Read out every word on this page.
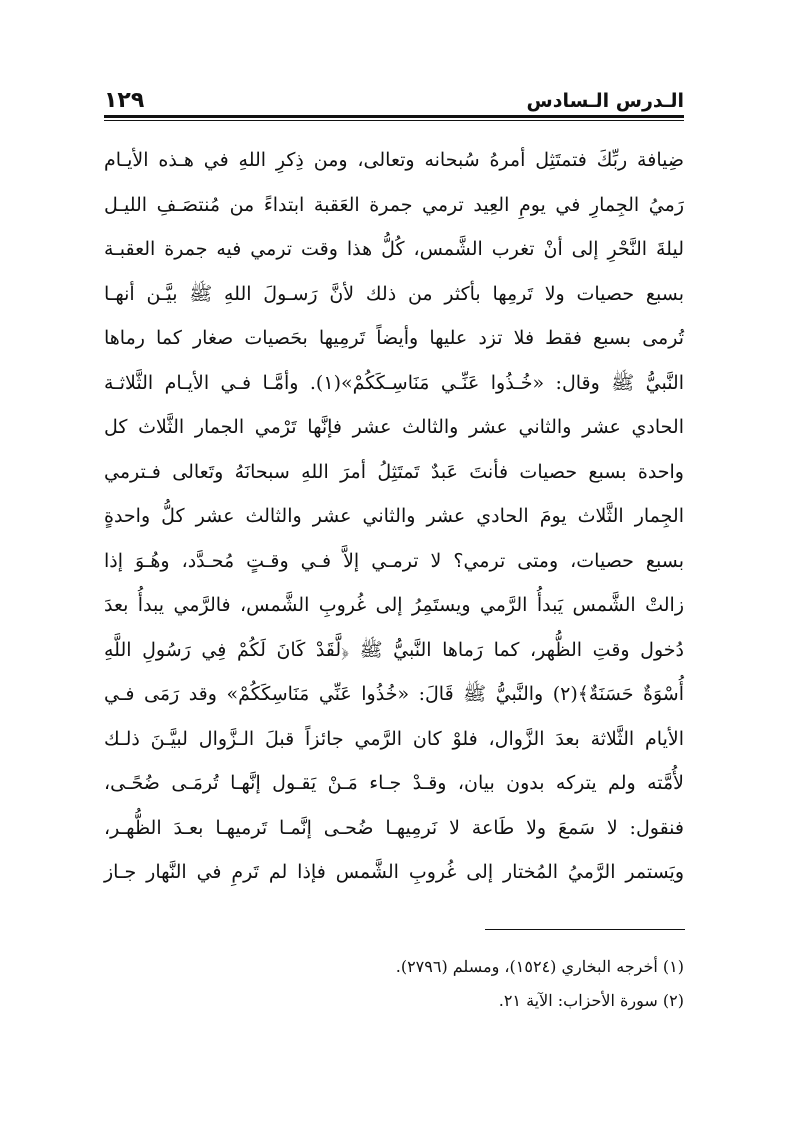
الـدرس الـسادس
١٢٩
ضِيافة ربِّكَ فتمتَثِل أمرهُ سُبحانه وتعالى، ومن ذِكرِ اللهِ في هـذه الأيـام
رَميُ الجِمارِ في يومِ العِيد ترمي جمرة العَقبة ابتداءً من مُنتصَـفِ الليـل
ليلةَ النَّحْرِ إلى أنْ تغرب الشَّمس، كُلُّ هذا وقت ترمي فيه جمرة العقبـة
بسبع حصيات ولا تَرمِها بأكثر من ذلك لأنَّ رَسـولَ اللهِ ﷺ بيَّـن أنهـا
تُرمى بسبع فقط فلا تزد عليها وأيضاً تَرمِيها بحَصيات صغار كما رماها
النَّبيُّ ﷺ وقال: «خُـذُوا عَنِّـي مَنَاسِـكَكُمْ»(١). وأمَّـا فـي الأيـام الثَّلاثـة
الحادي عشر والثاني عشر والثالث عشر فإنَّها تَرْمي الجمار الثَّلاث كل
واحدة بسبع حصيات فأنتَ عَبدٌ تَمتَثِلُ أمرَ اللهِ سبحانَهُ وتَعالى فـترمي
الجِمار الثَّلاث يومَ الحادي عشر والثاني عشر والثالث عشر كلُّ واحدةٍ
بسبع حصيات، ومتى ترمي؟ لا ترمـي إلاَّ فـي وقـتٍ مُحـدَّد، وهُـوَ إذا
زالتْ الشَّمس يَبدأُ الرَّمي ويستَمِرُ إلى غُروبِ الشَّمس، فالرَّمي يبدأُ بعدَ
دُخول وقتِ الظُّهر، كما رَماها النَّبيُّ ﷺ ﴿لَّقَدْ كَانَ لَكُمْ فِي رَسُولِ اللَّهِ
أُسْوَةٌ حَسَنَةٌ﴾(٢) والنَّبيُّ ﷺ قَالَ: «خُذُوا عَنِّي مَنَاسِكَكُمْ» وقد رَمَى فـي
الأيام الثَّلاثة بعدَ الزَّوال، فلوْ كان الرَّمي جائزاً قبلَ الـزَّوال لبيَّـنَ ذلـك
لأُمَّته ولم يتركه بدون بيان، وقـدْ جـاء مَـنْ يَقـول إنَّهـا تُرمَـى ضُحًـى،
فنقول: لا سَمعَ ولا طَاعة لا نَرمِيهـا ضُحـى إنَّمـا تَرميهـا بعـدَ الظُّهـر،
ويَستمر الرَّميُ المُختار إلى غُروبِ الشَّمس فإذا لم تَرمِ في النَّهار جـاز
(١) أخرجه البخاري (١٥٢٤)، ومسلم (٢٧٩٦).
(٢) سورة الأحزاب: الآية ٢١.
